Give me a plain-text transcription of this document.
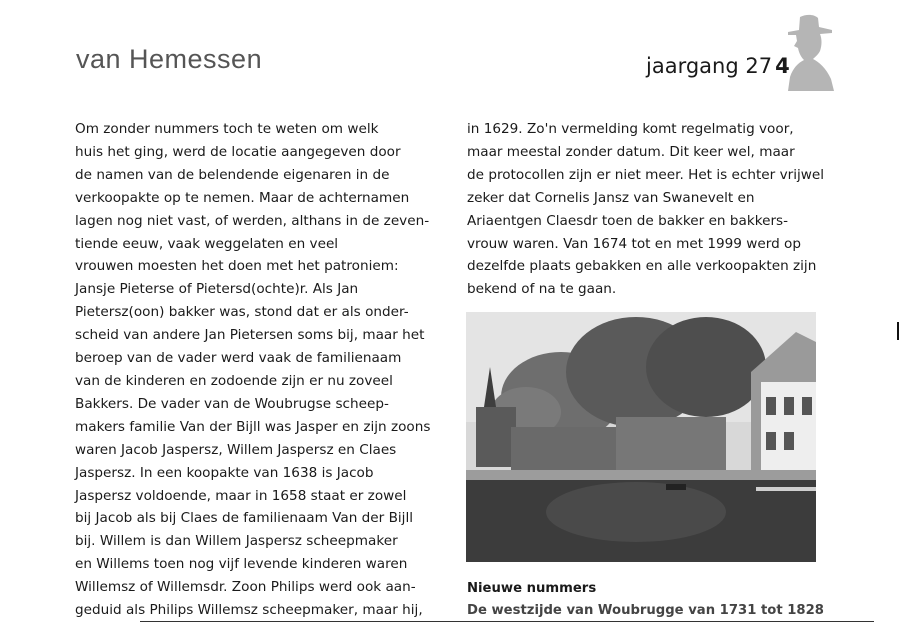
van Hemessen	jaargang 27 4

Om zonder nummers toch te weten om welk

huis het ging, werd de locatie aangegeven door

de namen van de belendende eigenaren in de

verkoopakte op te nemen. Maar de achternamen

lagen nog niet vast, of werden, althans in de zeven-

tiende eeuw, vaak weggelaten en veel

vrouwen moesten het doen met het patroniem:

Jansje Pieterse of Pietersd(ochte)r. Als Jan

Pietersz(oon) bakker was, stond dat er als onder-

scheid van andere Jan Pietersen soms bij, maar het

beroep van de vader werd vaak de familienaam

van de kinderen en zodoende zijn er nu zoveel

Bakkers. De vader van de Woubrugse scheep-

makers familie Van der Bijll was Jasper en zijn zoons

waren Jacob Jaspersz, Willem Jaspersz en Claes

Jaspersz. In een koopakte van 1638 is Jacob

Jaspersz voldoende, maar in 1658 staat er zowel

bij Jacob als bij Claes de familienaam Van der Bijll

bij. Willem is dan Willem Jaspersz scheepmaker

en Willems toen nog vijf levende kinderen waren

Willemsz of Willemsdr. Zoon Philips werd ook aan-

geduid als Philips Willemsz scheepmaker, maar hij,

in 1629. Zo'n vermelding komt regelmatig voor,

maar meestal zonder datum. Dit keer wel, maar

de protocollen zijn er niet meer. Het is echter vrijwel

zeker dat Cornelis Jansz van Swanevelt en

Ariaentgen Claesdr toen de bakker en bakkers-

vrouw waren. Van 1674 tot en met 1999 werd op

dezelfde plaats gebakken en alle verkoopakten zijn

bekend of na te gaan.

Nieuwe nummers

De westzijde van Woubrugge van 1731 tot 1828
